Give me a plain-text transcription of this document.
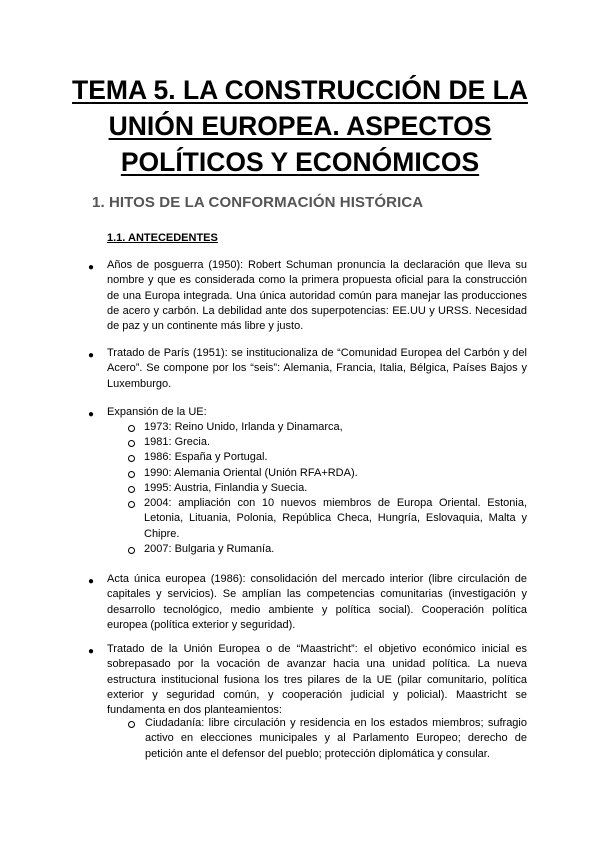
TEMA 5. LA CONSTRUCCIÓN DE LA UNIÓN EUROPEA. ASPECTOS POLÍTICOS Y ECONÓMICOS
1. HITOS DE LA CONFORMACIÓN HISTÓRICA
1.1. ANTECEDENTES
● Años de posguerra (1950): Robert Schuman pronuncia la declaración que lleva su nombre y que es considerada como la primera propuesta oficial para la construcción de una Europa integrada. Una única autoridad común para manejar las producciones de acero y carbón. La debilidad ante dos superpotencias: EE.UU y URSS. Necesidad de paz y un continente más libre y justo.

● Tratado de París (1951): se institucionaliza de “Comunidad Europea del Carbón y del Acero”. Se compone por los “seis”: Alemania, Francia, Italia, Bélgica, Países Bajos y Luxemburgo.

● Expansión de la UE:

1973: Reino Unido, Irlanda y Dinamarca,

1981: Grecia.

1986: España y Portugal.

1990: Alemania Oriental (Unión RFA+RDA).

1995: Austria, Finlandia y Suecia.

2004: ampliación con 10 nuevos miembros de Europa Oriental. Estonia, Letonia, Lituania, Polonia, República Checa, Hungría, Eslovaquia, Malta y Chipre.

2007: Bulgaria y Rumanía.

● Acta única europea (1986): consolidación del mercado interior (libre circulación de capitales y servicios). Se amplían las competencias comunitarias (investigación y desarrollo tecnológico, medio ambiente y política social). Cooperación política europea (política exterior y seguridad).

● Tratado de la Unión Europea o de “Maastricht”: el objetivo económico inicial es sobrepasado por la vocación de avanzar hacia una unidad política. La nueva estructura institucional fusiona los tres pilares de la UE (pilar comunitario, política exterior y seguridad común, y cooperación judicial y policial). Maastricht se fundamenta en dos planteamientos:

Ciudadanía: libre circulación y residencia en los estados miembros; sufragio activo en elecciones municipales y al Parlamento Europeo; derecho de petición ante el defensor del pueblo; protección diplomática y consular.
